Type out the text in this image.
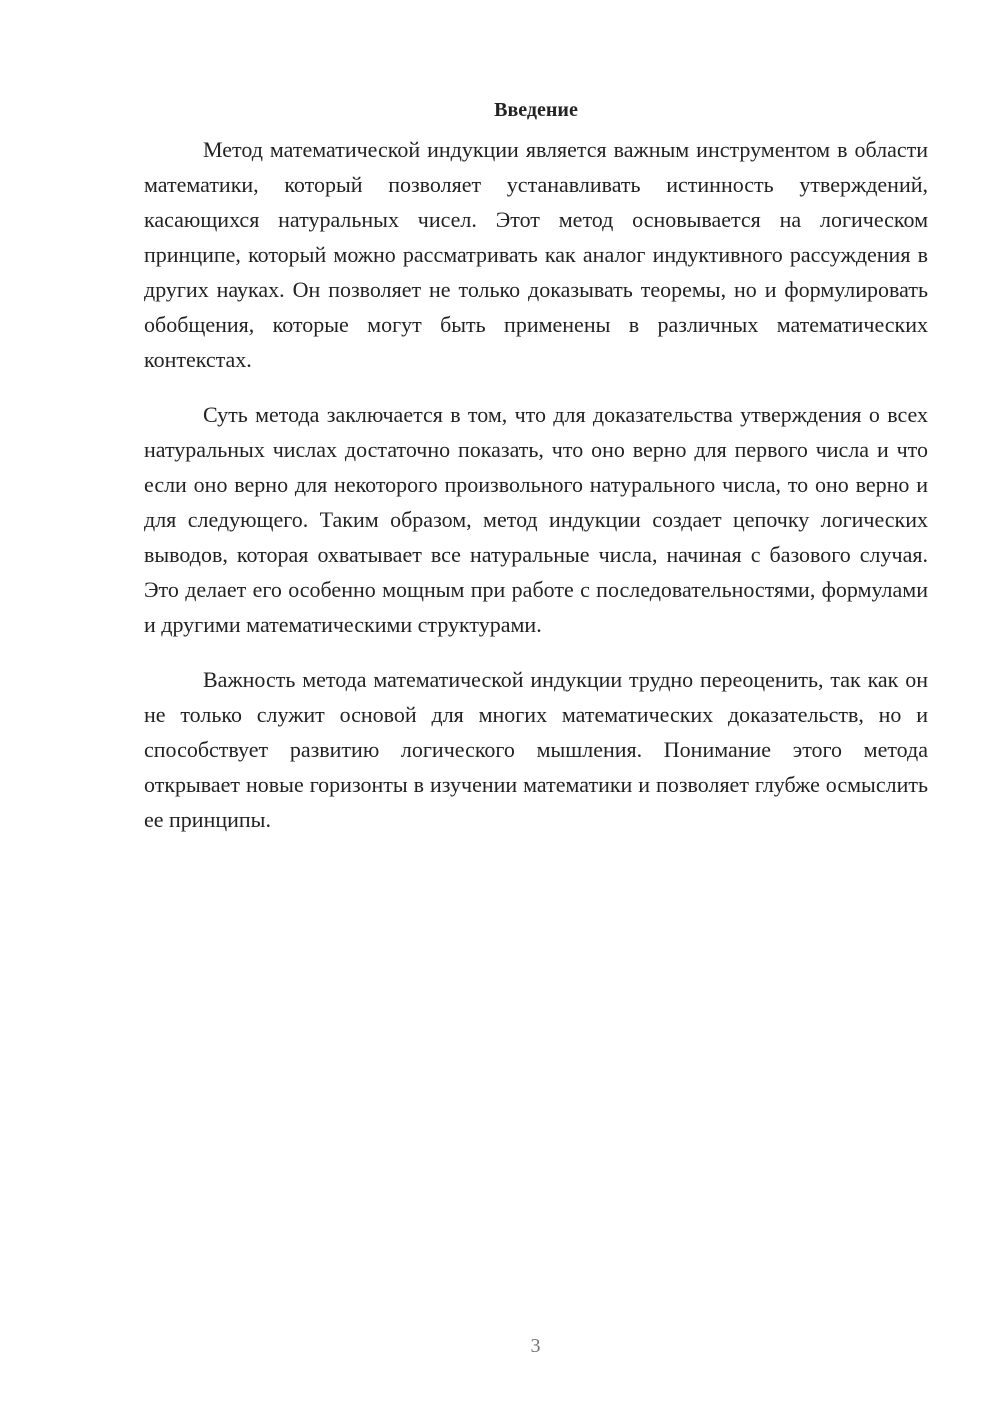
Введение

Метод математической индукции является важным инструментом в области математики, который позволяет устанавливать истинность утверждений, касающихся натуральных чисел. Этот метод основывается на логическом принципе, который можно рассматривать как аналог индуктивного рассуждения в других науках. Он позволяет не только доказывать теоремы, но и формулировать обобщения, которые могут быть применены в различных математических контекстах.

Суть метода заключается в том, что для доказательства утверждения о всех натуральных числах достаточно показать, что оно верно для первого числа и что если оно верно для некоторого произвольного натурального числа, то оно верно и для следующего. Таким образом, метод индукции создает цепочку логических выводов, которая охватывает все натуральные числа, начиная с базового случая. Это делает его особенно мощным при работе с последовательностями, формулами и другими математическими структурами.

Важность метода математической индукции трудно переоценить, так как он не только служит основой для многих математических доказательств, но и способствует развитию логического мышления. Понимание этого метода открывает новые горизонты в изучении математики и позволяет глубже осмыслить ее принципы.

3
